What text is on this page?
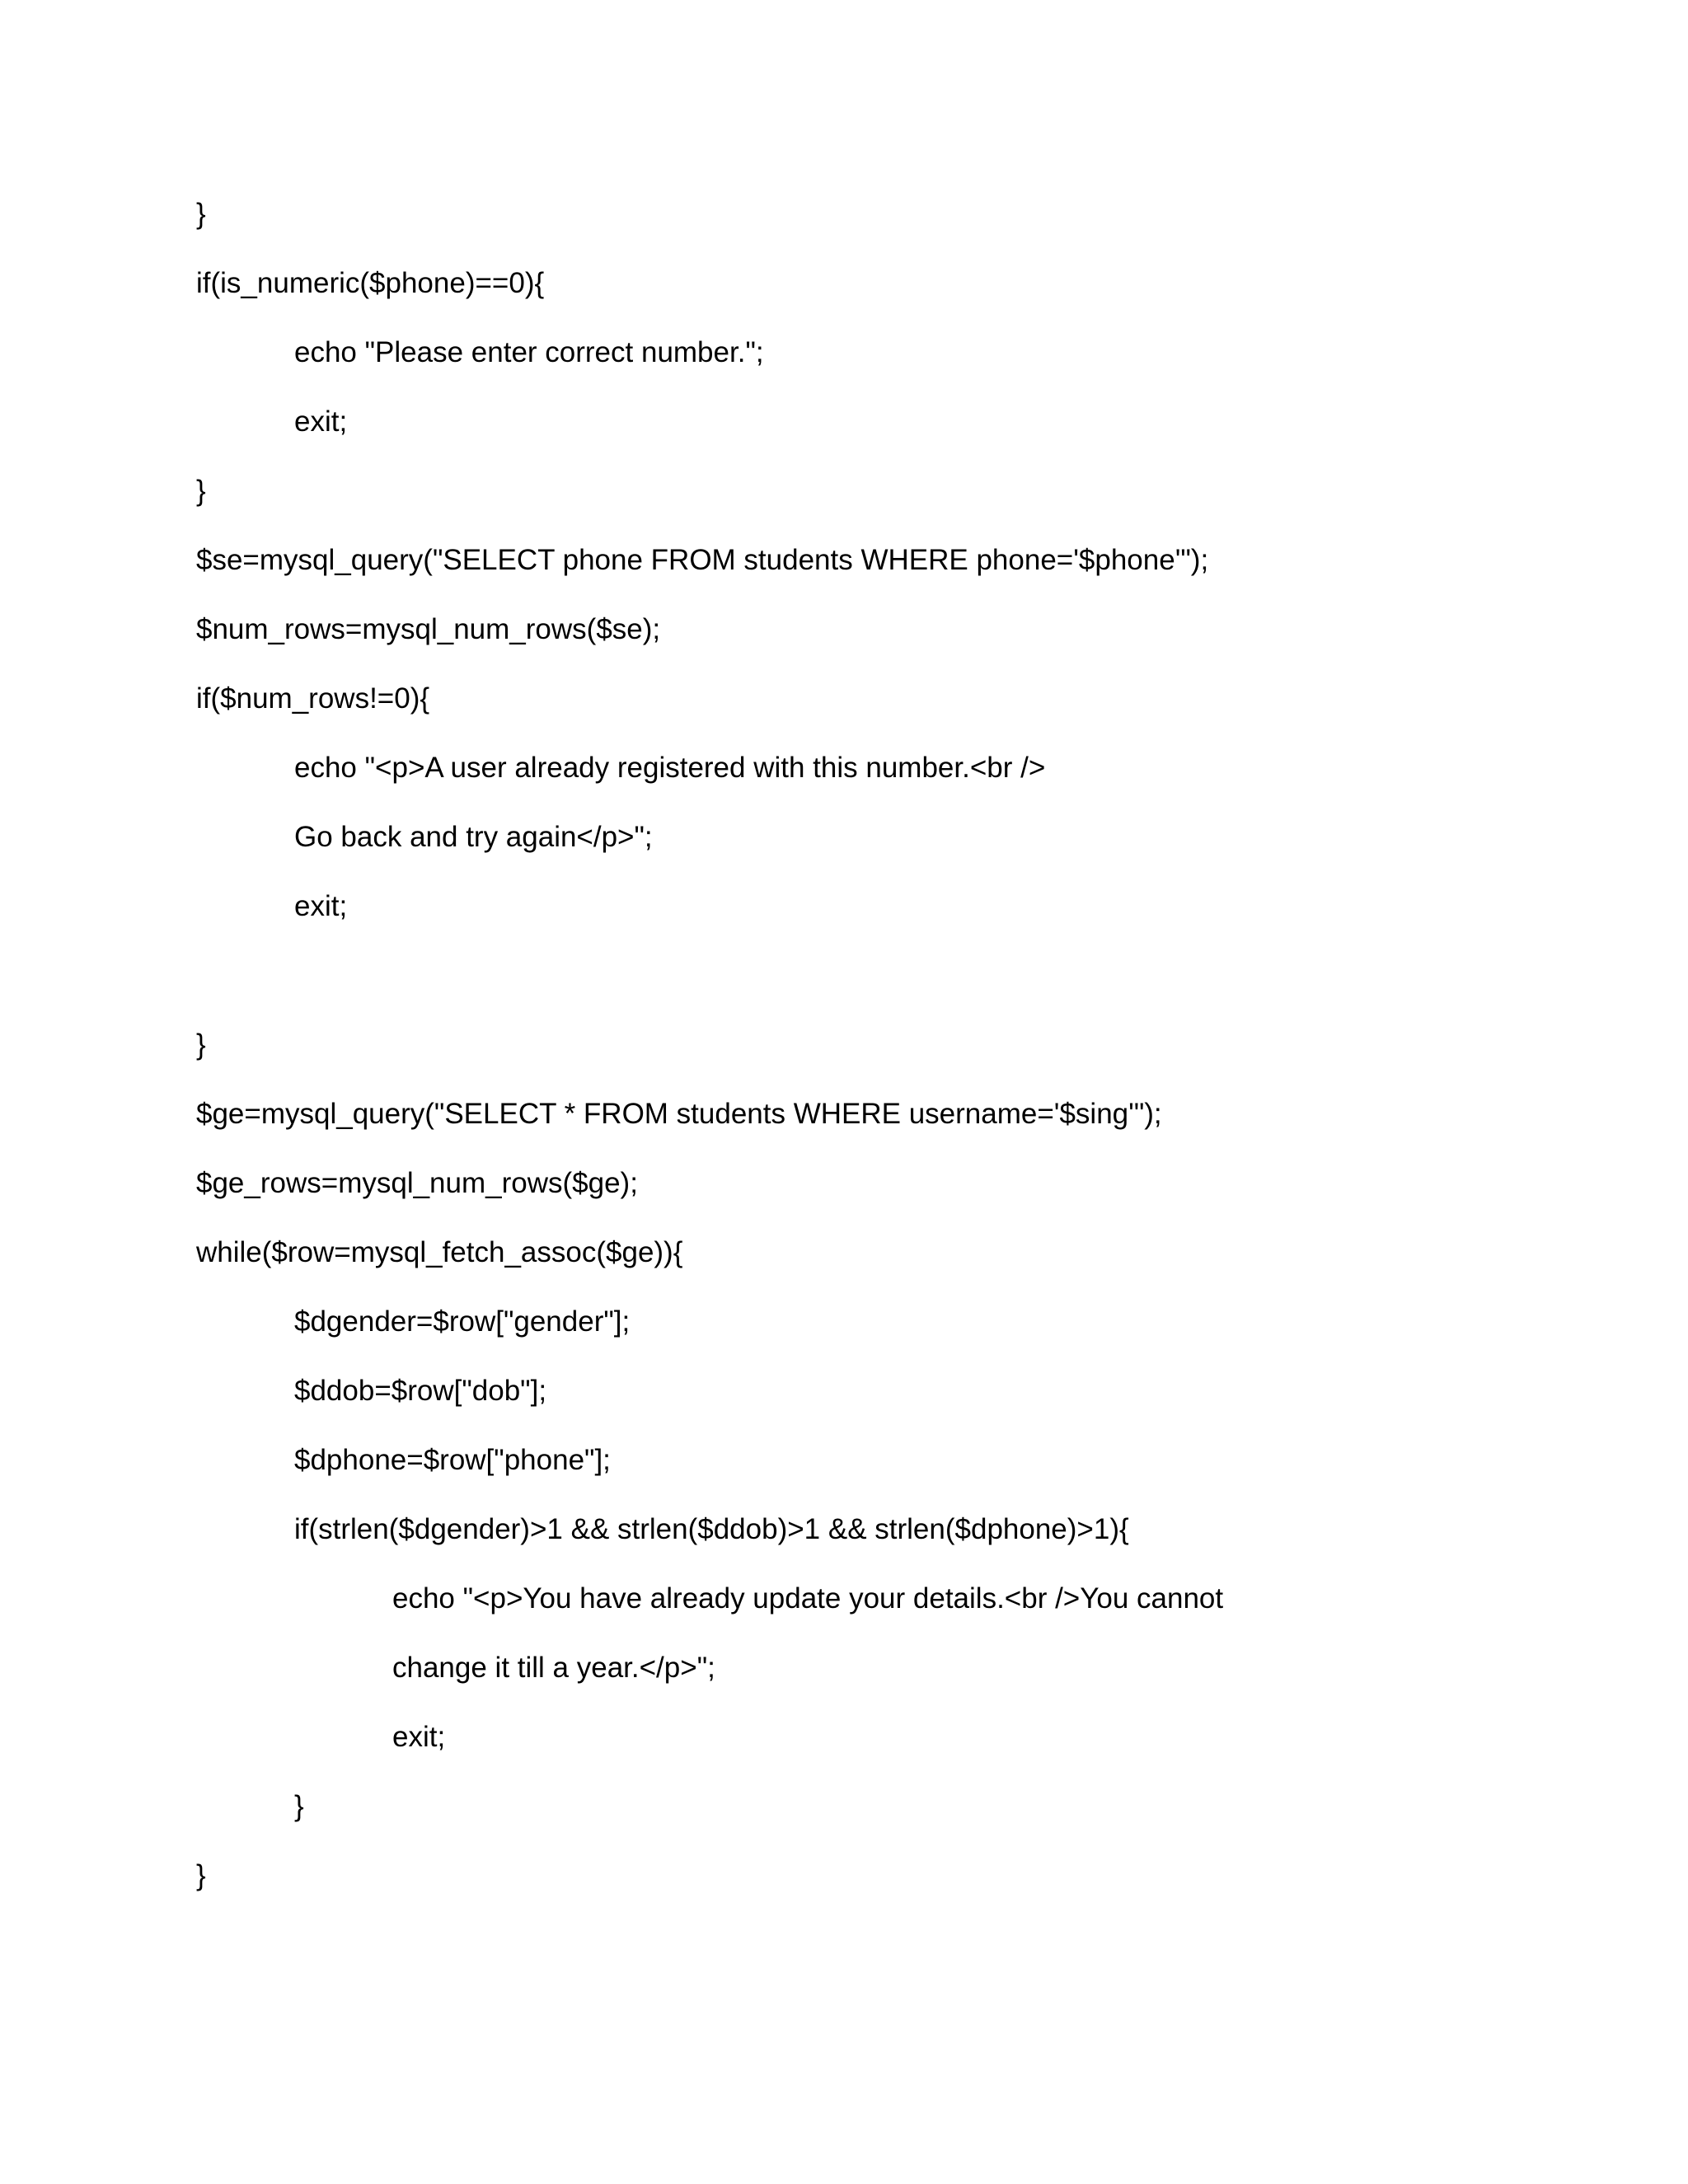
}
if(is_numeric($phone)==0){
echo "Please enter correct number.";
exit;
}
$se=mysql_query("SELECT phone FROM students WHERE phone='$phone'");
$num_rows=mysql_num_rows($se);
if($num_rows!=0){
echo "<p>A user already registered with this number.<br />
Go back and try again</p>";
exit;
}
$ge=mysql_query("SELECT * FROM students WHERE username='$sing'");
$ge_rows=mysql_num_rows($ge);
while($row=mysql_fetch_assoc($ge)){
$dgender=$row["gender"];
$ddob=$row["dob"];
$dphone=$row["phone"];
if(strlen($dgender)>1 && strlen($ddob)>1 && strlen($dphone)>1){
echo "<p>You have already update your details.<br />You cannot
change it till a year.</p>";
exit;
}
}
